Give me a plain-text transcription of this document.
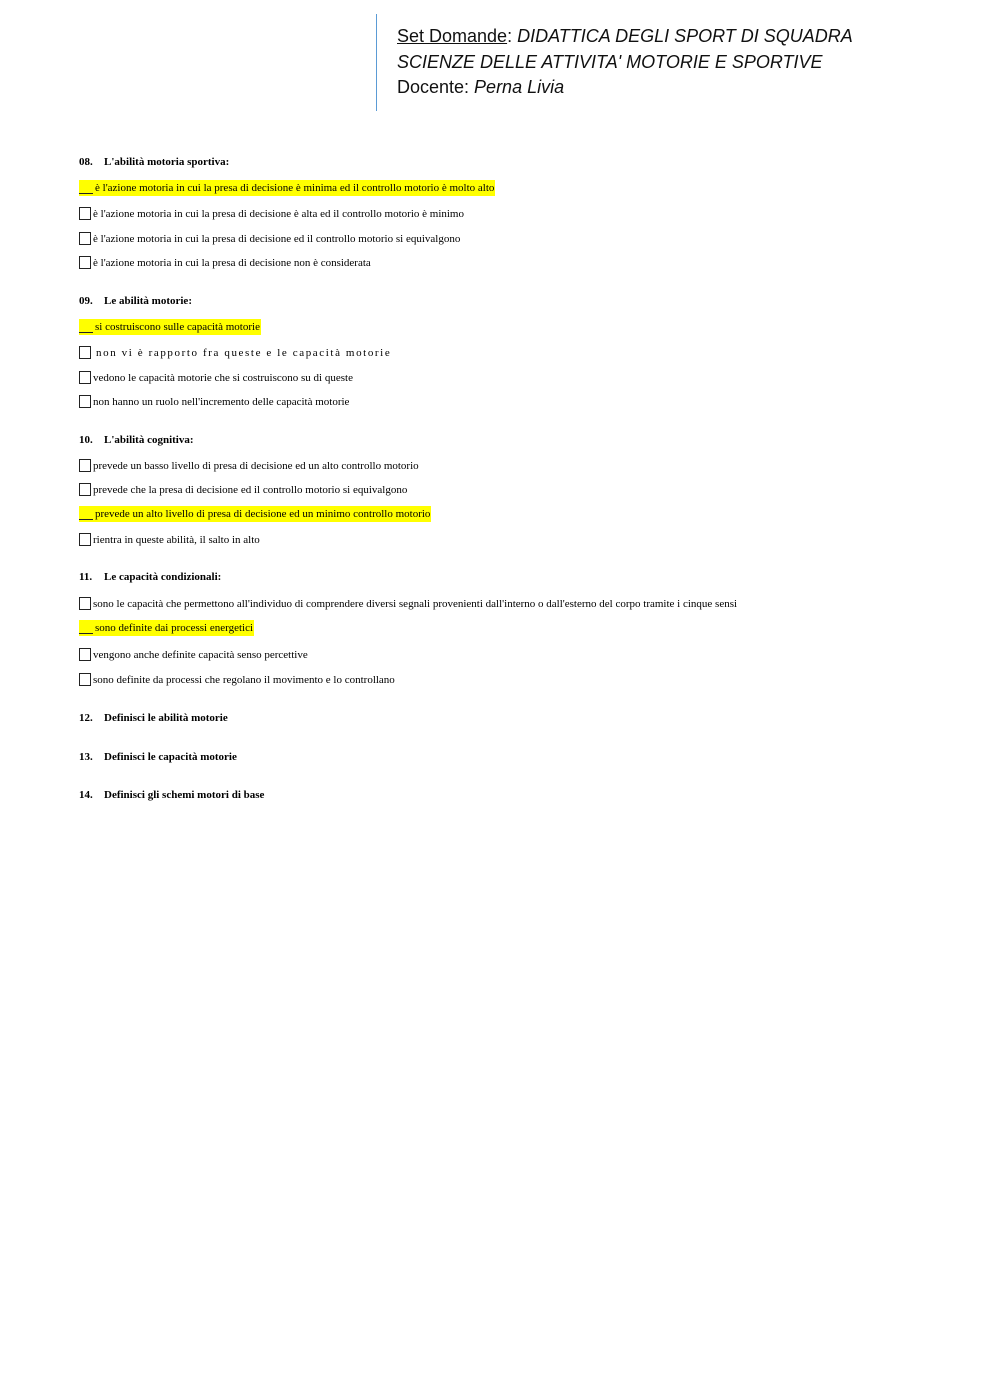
Set Domande: DIDATTICA DEGLI SPORT DI SQUADRA
SCIENZE DELLE ATTIVITA' MOTORIE E SPORTIVE
Docente: Perna Livia
08. L'abilità motoria sportiva:
è l'azione motoria in cui la presa di decisione è minima ed il controllo motorio è molto alto
è l'azione motoria in cui la presa di decisione è alta ed il controllo motorio è minimo
è l'azione motoria in cui la presa di decisione ed il controllo motorio si equivalgono
è l'azione motoria in cui la presa di decisione non è considerata
09. Le abilità motorie:
si costruiscono sulle capacità motorie
non vi è rapporto fra queste e le capacità motorie
vedono le capacità motorie che si costruiscono su di queste
non hanno un ruolo nell'incremento delle capacità motorie
10. L'abilità cognitiva:
prevede un basso livello di presa di decisione ed un alto controllo motorio
prevede che la presa di decisione ed il controllo motorio si equivalgono
prevede un alto livello di presa di decisione ed un minimo controllo motorio
rientra in queste abilità, il salto in alto
11. Le capacità condizionali:
sono le capacità che permettono all'individuo di comprendere diversi segnali provenienti dall'interno o dall'esterno del corpo tramite i cinque sensi
sono definite dai processi energetici
vengono anche definite capacità senso percettive
sono definite da processi che regolano il movimento e lo controllano
12. Definisci le abilità motorie
13. Definisci le capacità motorie
14. Definisci gli schemi motori di base
